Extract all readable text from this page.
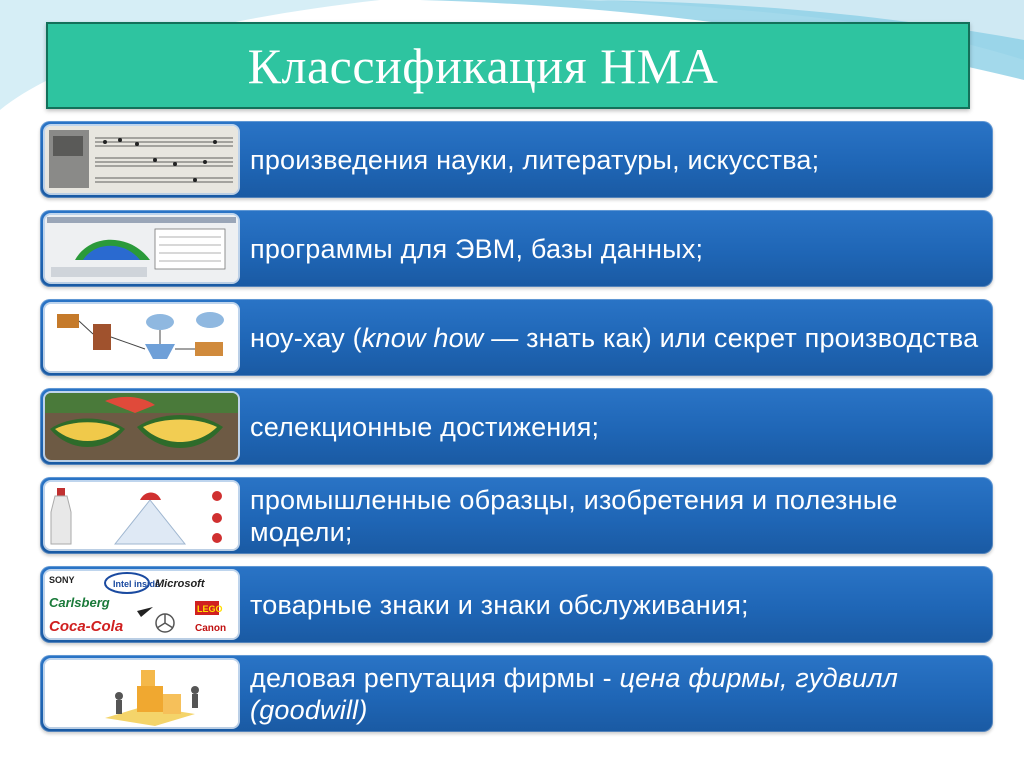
Классификация НМА
произведения науки, литературы, искусства;
программы для ЭВМ, базы данных;
ноу-хау (know how — знать как) или секрет производства
селекционные достижения;
промышленные образцы, изобретения и полезные модели;
Intel inside
Microsoft
SONY
Carlsberg
Coca-Cola
LEGO
Canon
товарные знаки и знаки обслуживания;
деловая репутация фирмы - цена фирмы, гудвилл (goodwill)
